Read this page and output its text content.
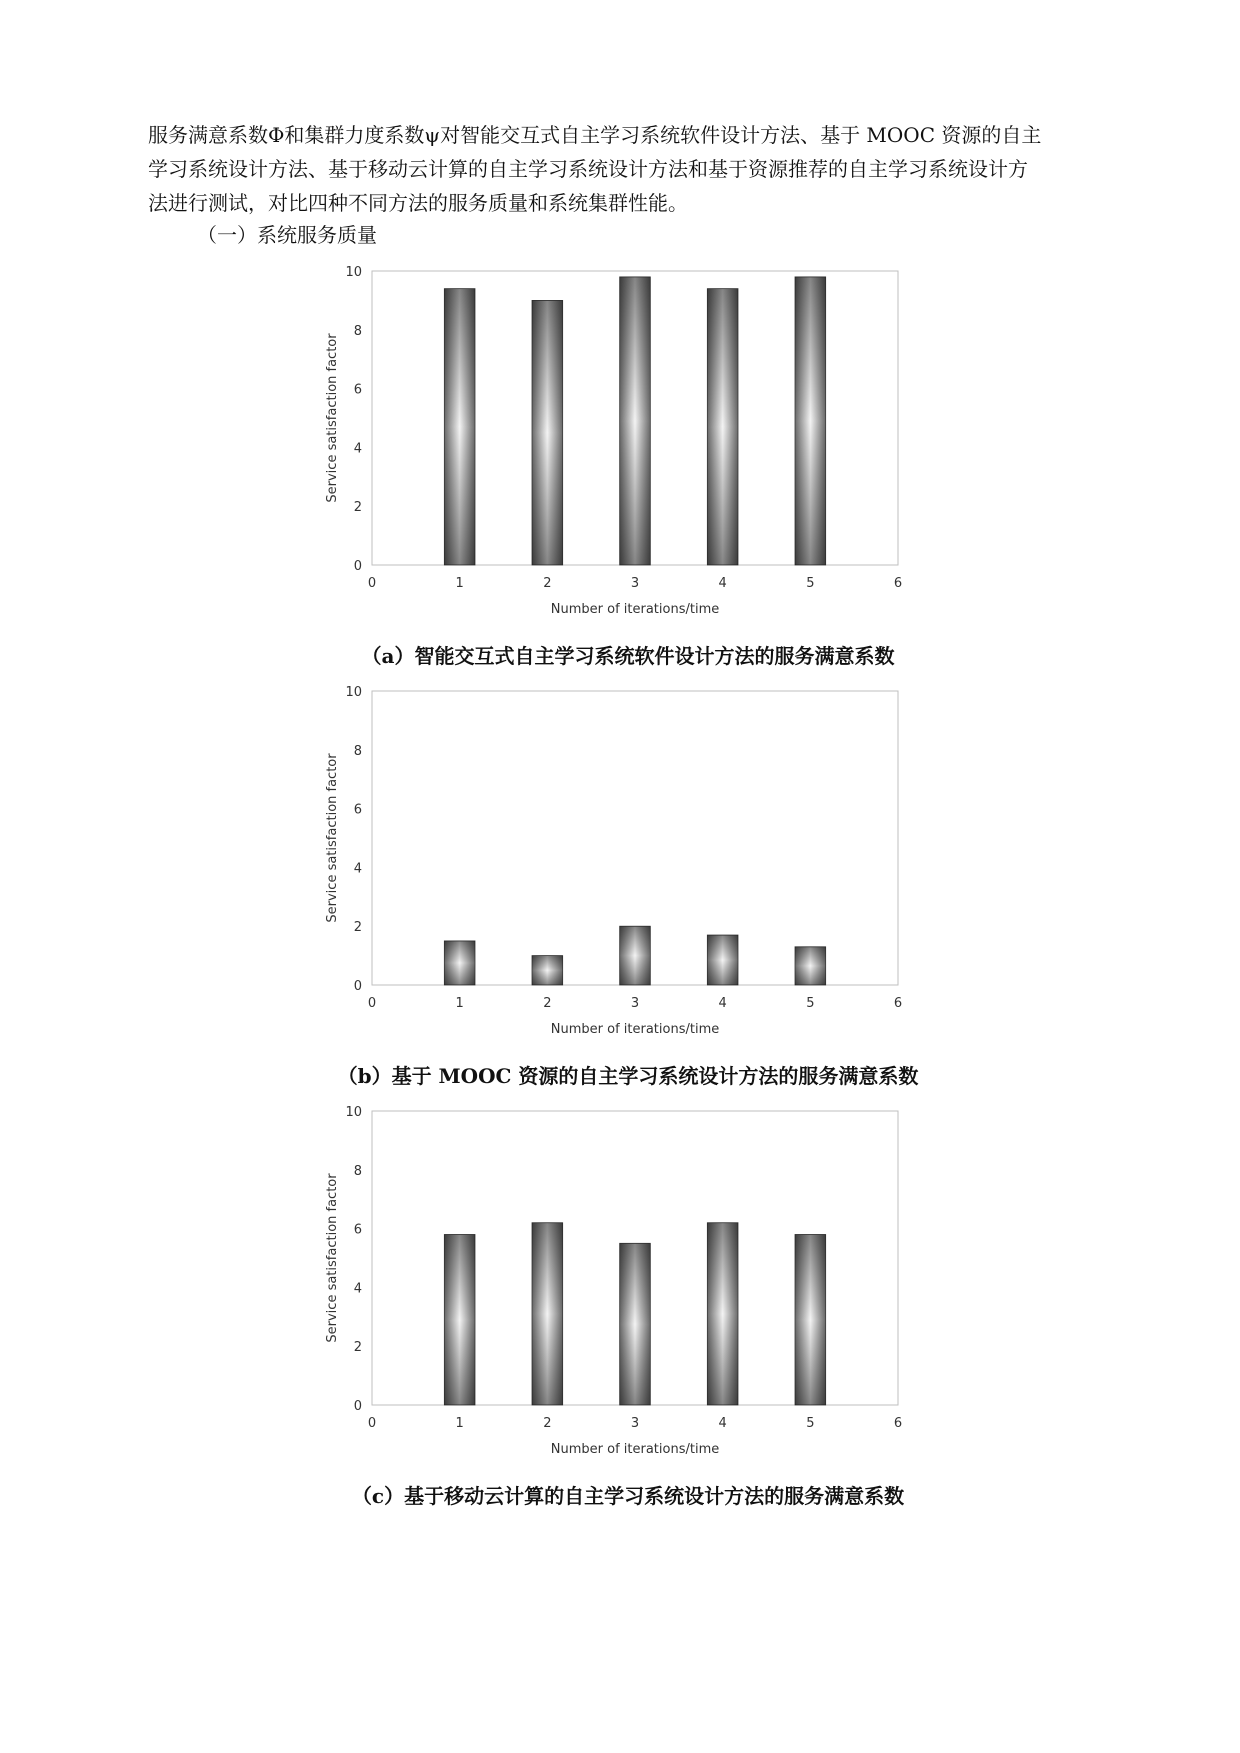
服务满意系数Φ和集群力度系数ψ对智能交互式自主学习系统软件设计方法、基于 MOOC 资源的自主

学习系统设计方法、基于移动云计算的自主学习系统设计方法和基于资源推荐的自主学习系统设计方

法进行测试，对比四种不同方法的服务质量和系统集群性能。

（一）系统服务质量
0
2
4
6
8
10
0	1	2	3	4	5	6
Number of iterations/time
Service satisfaction factor
（a）智能交互式自主学习系统软件设计方法的服务满意系数
0
2
4
6
8
10
0	1	2	3	4	5	6
Number of iterations/time
Service satisfaction factor
（b）基于 MOOC 资源的自主学习系统设计方法的服务满意系数
0
2
4
6
8
10
0	1	2	3	4	5	6
Number of iterations/time
Service satisfaction factor
（c）基于移动云计算的自主学习系统设计方法的服务满意系数
